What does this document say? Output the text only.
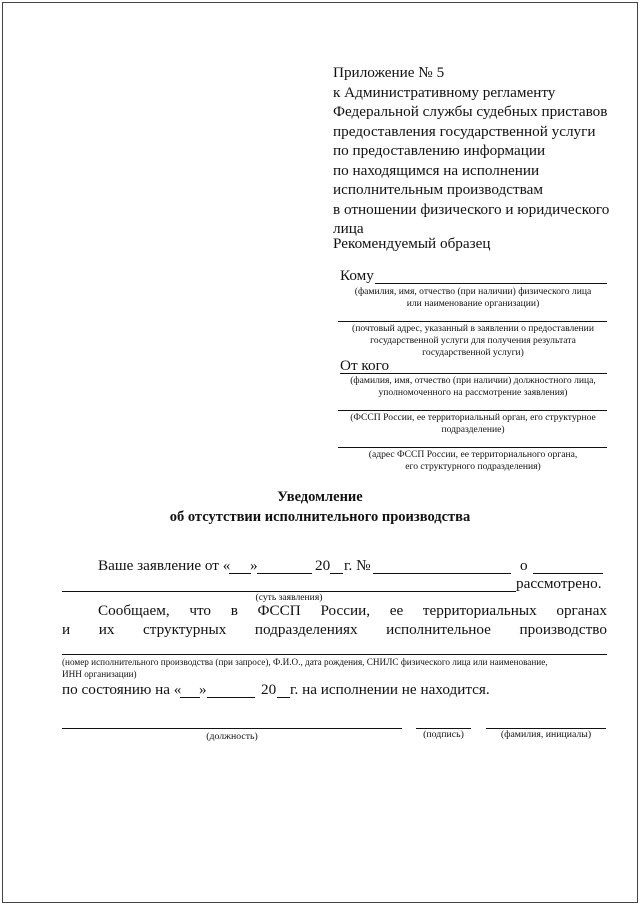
Приложение № 5
к Административному регламенту
Федеральной службы судебных приставов
предоставления государственной услуги
по предоставлению информации
по находящимся на исполнении
исполнительным производствам
в отношении физического и юридического
лица
Рекомендуемый образец
Кому
(фамилия, имя, отчество (при наличии) физического лица
или наименование организации)
(почтовый адрес, указанный в заявлении о предоставлении
государственной услуги для получения результата
государственной услуги)
От кого
(фамилия, имя, отчество (при наличии) должностного лица,
уполномоченного на рассмотрение заявления)
(ФССП России, ее территориальный орган, его структурное
подразделение)
(адрес ФССП России, ее территориального органа,
его структурного подразделения)
Уведомление
об отсутствии исполнительного производства
Ваше заявление от « »	20 г. №	о
рассмотрено.
(суть заявления)
Сообщаем, что в ФССП России, ее территориальных органах
и их структурных подразделениях исполнительное производство
(номер исполнительного производства (при запросе), Ф.И.О., дата рождения, СНИЛС физического лица или наименование,
ИНН организации)
по состоянию на « »	20 г. на исполнении не находится.
(должность)	(подпись)	(фамилия, инициалы)
